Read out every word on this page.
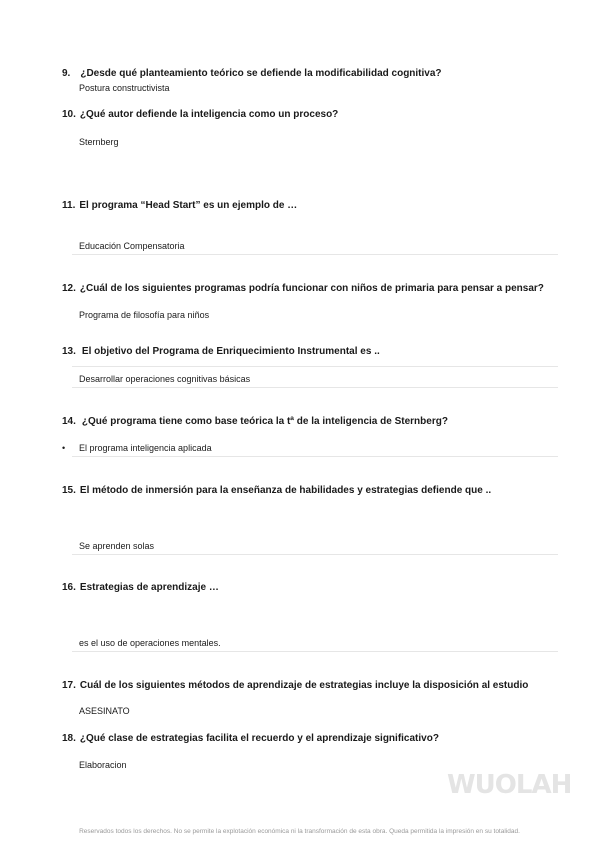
9. ¿Desde qué planteamiento teórico se defiende la modificabilidad cognitiva?
Postura constructivista
10. ¿Qué autor defiende la inteligencia como un proceso?
Sternberg
11. El programa “Head Start” es un ejemplo de …
Educación Compensatoria
12. ¿Cuál de los siguientes programas podría funcionar con niños de primaria para pensar a pensar?
Programa de filosofía para niños
13. El objetivo del Programa de Enriquecimiento Instrumental es ..
Desarrollar operaciones cognitivas básicas
14. ¿Qué programa tiene como base teórica la tª de la inteligencia de Sternberg?
• El programa inteligencia aplicada
15. El método de inmersión para la enseñanza de habilidades y estrategias defiende que ..
Se aprenden solas
16. Estrategias de aprendizaje …
es el uso de operaciones mentales.
17. Cuál de los siguientes métodos de aprendizaje de estrategias incluye la disposición al estudio
ASESINATO
18. ¿Qué clase de estrategias facilita el recuerdo y el aprendizaje significativo?
Elaboracion
WUOLAH
Reservados todos los derechos. No se permite la explotación económica ni la transformación de esta obra. Queda permitida la impresión en su totalidad.
